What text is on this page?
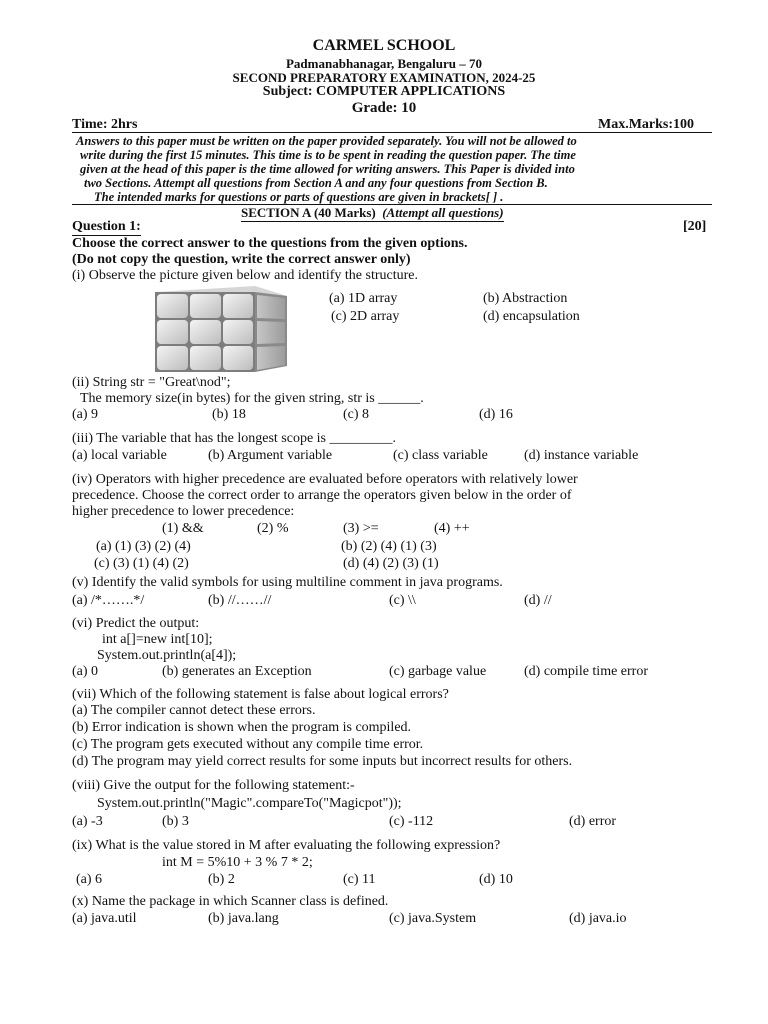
CARMEL SCHOOL
Padmanabhanagar, Bengaluru – 70
SECOND PREPARATORY EXAMINATION, 2024-25
Subject: COMPUTER APPLICATIONS
Grade: 10
Time: 2hrs	Max.Marks:100
Answers to this paper must be written on the paper provided separately. You will not be allowed to
write during the first 15 minutes. This time is to be spent in reading the question paper. The time
given at the head of this paper is the time allowed for writing answers. This Paper is divided into
two Sections. Attempt all questions from Section A and any four questions from Section B.
The intended marks for questions or parts of questions are given in brackets[ ] .
SECTION A (40 Marks) (Attempt all questions)
Question 1:	[20]
Choose the correct answer to the questions from the given options.
(Do not copy the question, write the correct answer only)
(i) Observe the picture given below and identify the structure.
(a) 1D array	(b) Abstraction
(c) 2D array	(d) encapsulation
(ii) String str = "Great\nod";
The memory size(in bytes) for the given string, str is ______.
(a) 9	(b) 18	(c) 8	(d) 16
(iii) The variable that has the longest scope is _________.
(a) local variable	(b) Argument variable	(c) class variable	(d) instance variable
(iv) Operators with higher precedence are evaluated before operators with relatively lower
precedence. Choose the correct order to arrange the operators given below in the order of
higher precedence to lower precedence:
(1) &&	(2) %	(3) >=	(4) ++
(a) (1) (3) (2) (4)	(b) (2) (4) (1) (3)
(c) (3) (1) (4) (2)	(d) (4) (2) (3) (1)
(v) Identify the valid symbols for using multiline comment in java programs.
(a) /*…….*/	(b) //……//	(c) \\	(d) //
(vi) Predict the output:
int a[]=new int[10];
System.out.println(a[4]);
(a) 0	(b) generates an Exception	(c) garbage value	(d) compile time error
(vii) Which of the following statement is false about logical errors?
(a) The compiler cannot detect these errors.
(b) Error indication is shown when the program is compiled.
(c) The program gets executed without any compile time error.
(d) The program may yield correct results for some inputs but incorrect results for others.
(viii) Give the output for the following statement:-
System.out.println("Magic".compareTo("Magicpot"));
(a) -3	(b) 3	(c) -112	(d) error
(ix) What is the value stored in M after evaluating the following expression?
int M = 5%10 + 3 % 7 * 2;
(a) 6	(b) 2	(c) 11	(d) 10
(x) Name the package in which Scanner class is defined.
(a) java.util	(b) java.lang	(c) java.System	(d) java.io
